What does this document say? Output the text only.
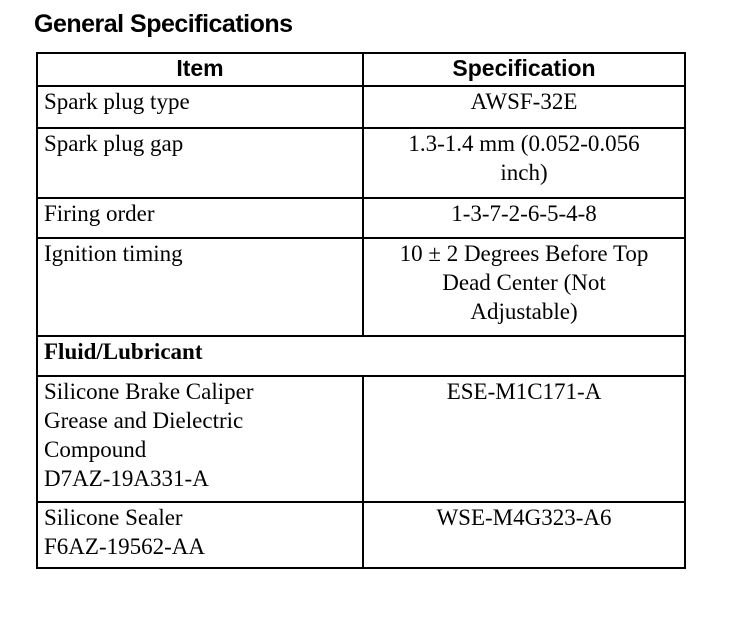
General Specifications
Item	Specification
Spark plug type	AWSF-32E
Spark plug gap	1.3-1.4 mm (0.052-0.056
inch)
Firing order	1-3-7-2-6-5-4-8
Ignition timing	10 ± 2 Degrees Before Top
Dead Center (Not
Adjustable)
Fluid/Lubricant	
Silicone Brake Caliper
Grease and Dielectric
Compound
D7AZ-19A331-A	ESE-M1C171-A
Silicone Sealer
F6AZ-19562-AA	WSE-M4G323-A6
